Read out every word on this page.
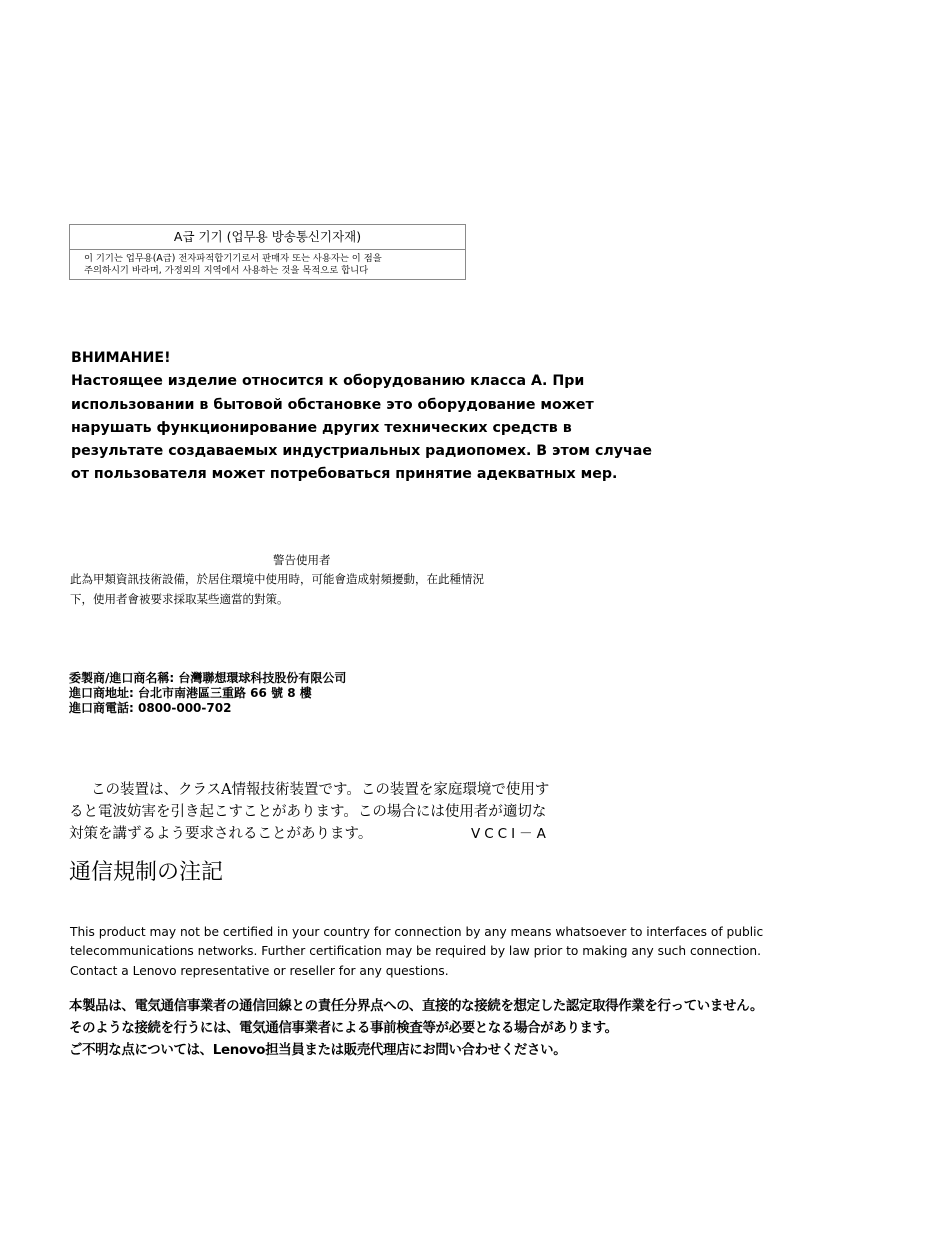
A급 기기 (업무용 방송통신기자재)
이 기기는 업무용(A급) 전자파적합기기로서 판매자 또는 사용자는 이 점을
주의하시기 바라며, 가정외의 지역에서 사용하는 것을 목적으로 합니다
ВНИМАНИЕ!
Настоящее изделие относится к оборудованию класса А. При
использовании в бытовой обстановке это оборудование может
нарушать функционирование других технических средств в
результате создаваемых индустриальных радиопомех. В этом случае
от пользователя может потребоваться принятие адекватных мер.
警告使用者
此為甲類資訊技術設備，於居住環境中使用時，可能會造成射頻擾動，在此種情況
下，使用者會被要求採取某些適當的對策。
委製商/進口商名稱: 台灣聯想環球科技股份有限公司
進口商地址: 台北市南港區三重路 66 號 8 樓
進口商電話: 0800-000-702
この装置は、クラスA情報技術装置です。この装置を家庭環境で使用す
ると電波妨害を引き起こすことがあります。この場合には使用者が適切な
対策を講ずるよう要求されることがあります。	VCCI－A
通信規制の注記
This product may not be certified in your country for connection by any means whatsoever to interfaces of public
telecommunications networks. Further certification may be required by law prior to making any such connection.
Contact a Lenovo representative or reseller for any questions.
本製品は、電気通信事業者の通信回線との責任分界点への、直接的な接続を想定した認定取得作業を行っていません。
そのような接続を行うには、電気通信事業者による事前検査等が必要となる場合があります。
ご不明な点については、Lenovo担当員または販売代理店にお問い合わせください。
